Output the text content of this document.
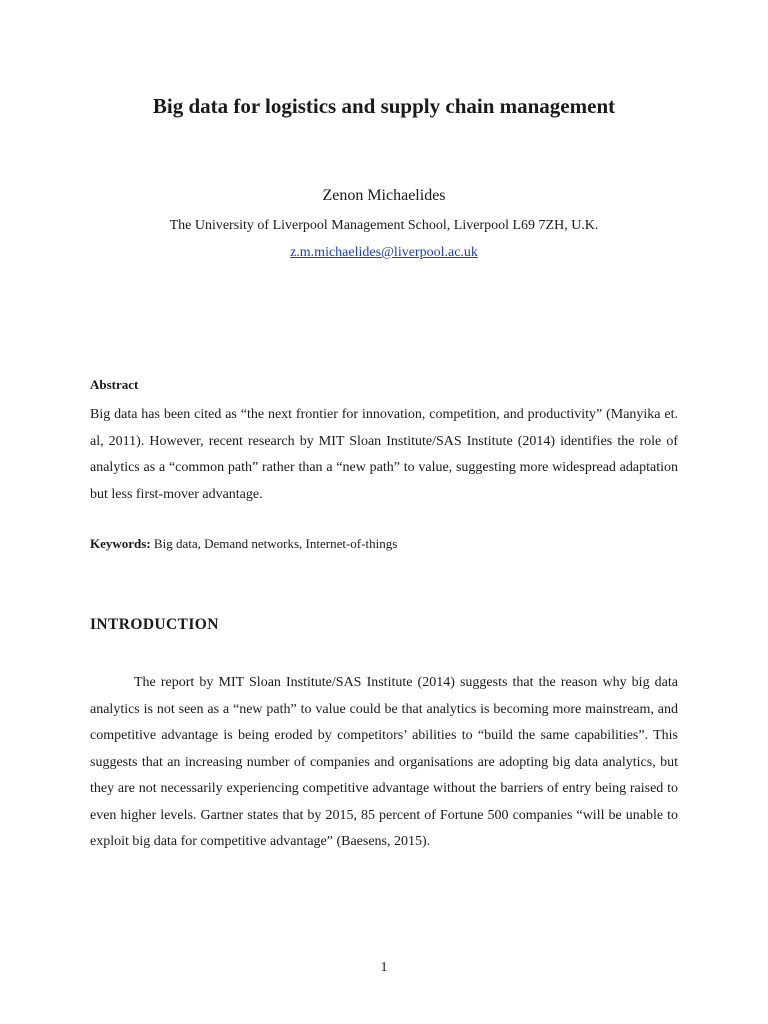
Big data for logistics and supply chain management
Zenon Michaelides
The University of Liverpool Management School, Liverpool L69 7ZH, U.K.
z.m.michaelides@liverpool.ac.uk
Abstract

Big data has been cited as “the next frontier for innovation, competition, and productivity” (Manyika et. al, 2011). However, recent research by MIT Sloan Institute/SAS Institute (2014) identifies the role of analytics as a “common path” rather than a “new path” to value, suggesting more widespread adaptation but less first-mover advantage.

Keywords: Big data, Demand networks, Internet-of-things

INTRODUCTION

The report by MIT Sloan Institute/SAS Institute (2014) suggests that the reason why big data analytics is not seen as a “new path” to value could be that analytics is becoming more mainstream, and competitive advantage is being eroded by competitors’ abilities to “build the same capabilities”. This suggests that an increasing number of companies and organisations are adopting big data analytics, but they are not necessarily experiencing competitive advantage without the barriers of entry being raised to even higher levels. Gartner states that by 2015, 85 percent of Fortune 500 companies “will be unable to exploit big data for competitive advantage” (Baesens, 2015).

1
